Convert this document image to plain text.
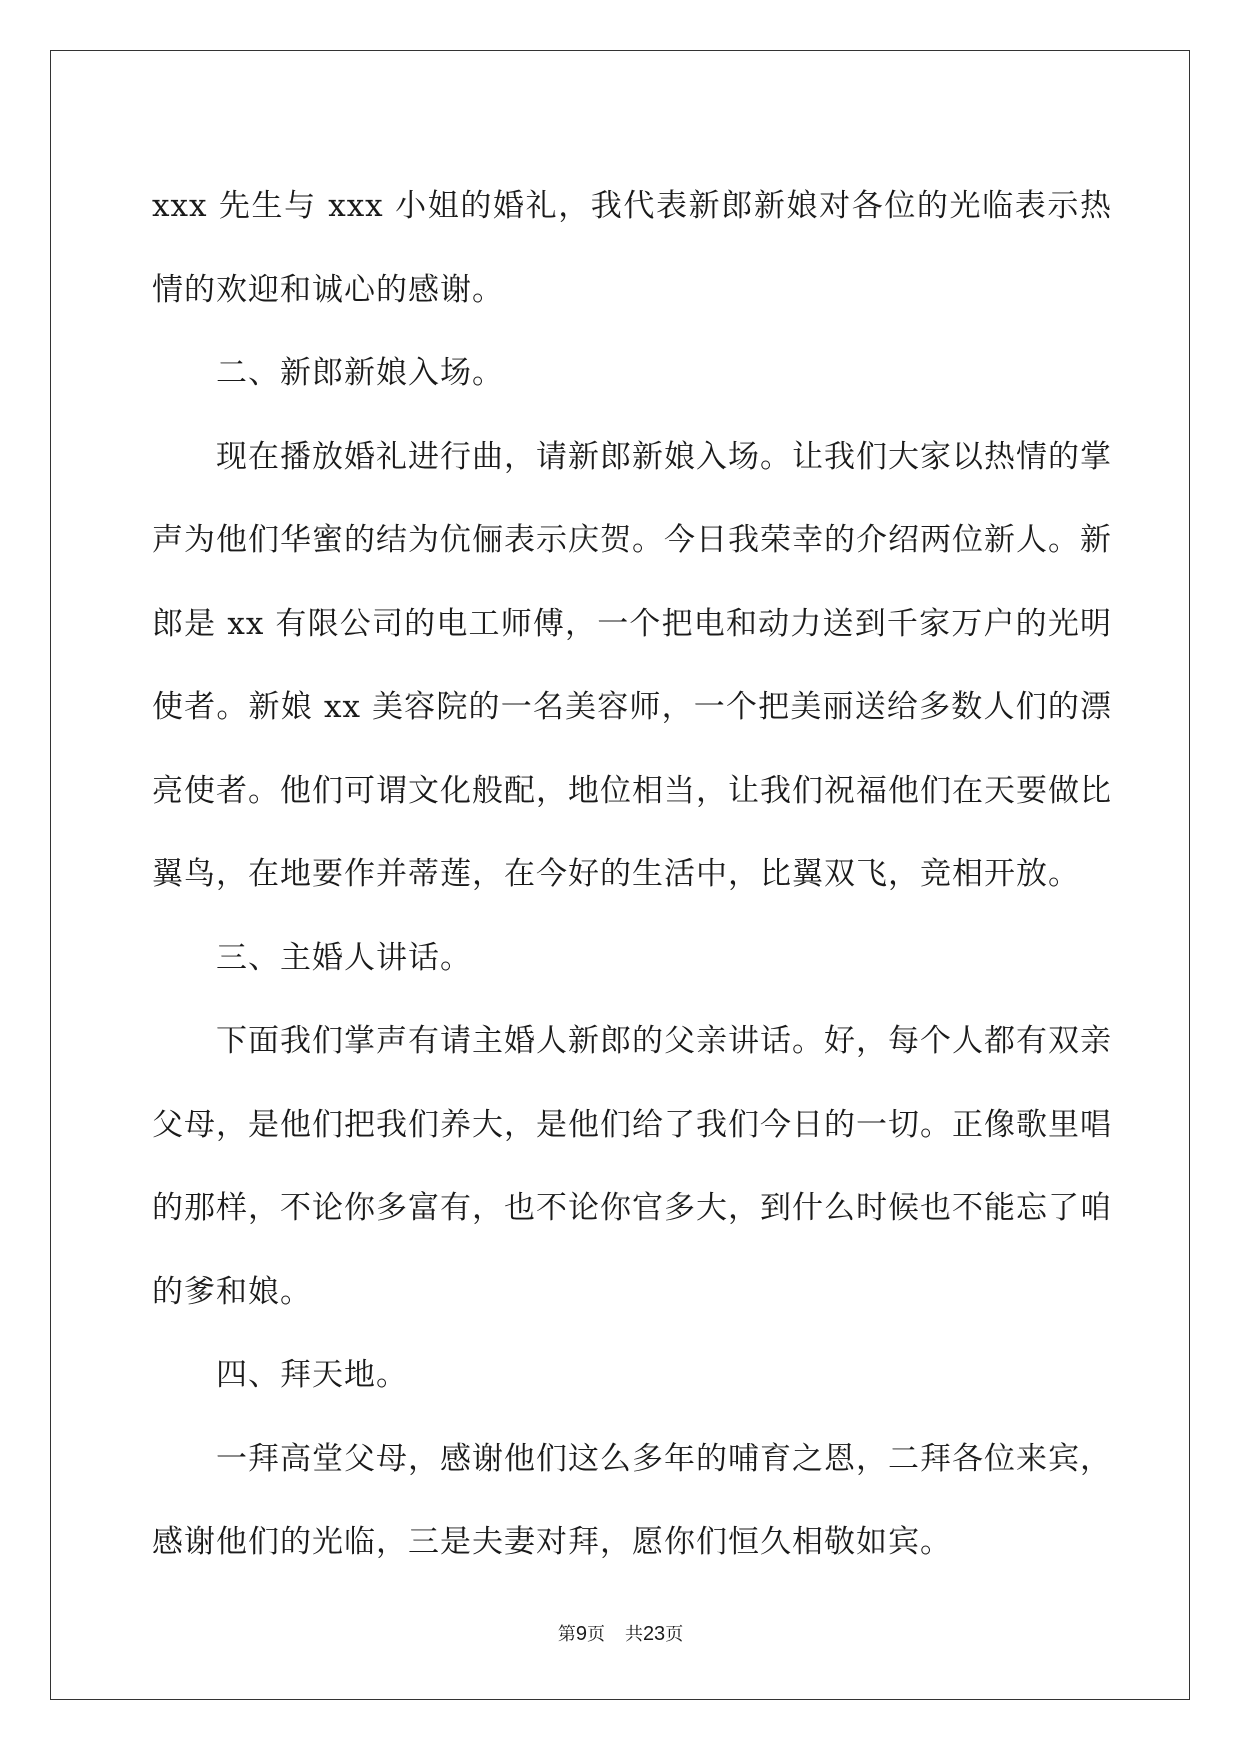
xxx 先生与 xxx 小姐的婚礼，我代表新郎新娘对各位的光临表示热情的欢迎和诚心的感谢。

二、新郎新娘入场。

现在播放婚礼进行曲，请新郎新娘入场。让我们大家以热情的掌声为他们华蜜的结为伉俪表示庆贺。今日我荣幸的介绍两位新人。新郎是 xx 有限公司的电工师傅，一个把电和动力送到千家万户的光明使者。新娘 xx 美容院的一名美容师，一个把美丽送给多数人们的漂亮使者。他们可谓文化般配，地位相当，让我们祝福他们在天要做比翼鸟，在地要作并蒂莲，在今好的生活中，比翼双飞，竞相开放。

三、主婚人讲话。

下面我们掌声有请主婚人新郎的父亲讲话。好，每个人都有双亲父母，是他们把我们养大，是他们给了我们今日的一切。正像歌里唱的那样，不论你多富有，也不论你官多大，到什么时候也不能忘了咱的爹和娘。

四、拜天地。

一拜高堂父母，感谢他们这么多年的哺育之恩，二拜各位来宾，感谢他们的光临，三是夫妻对拜，愿你们恒久相敬如宾。

第9页 共23页
